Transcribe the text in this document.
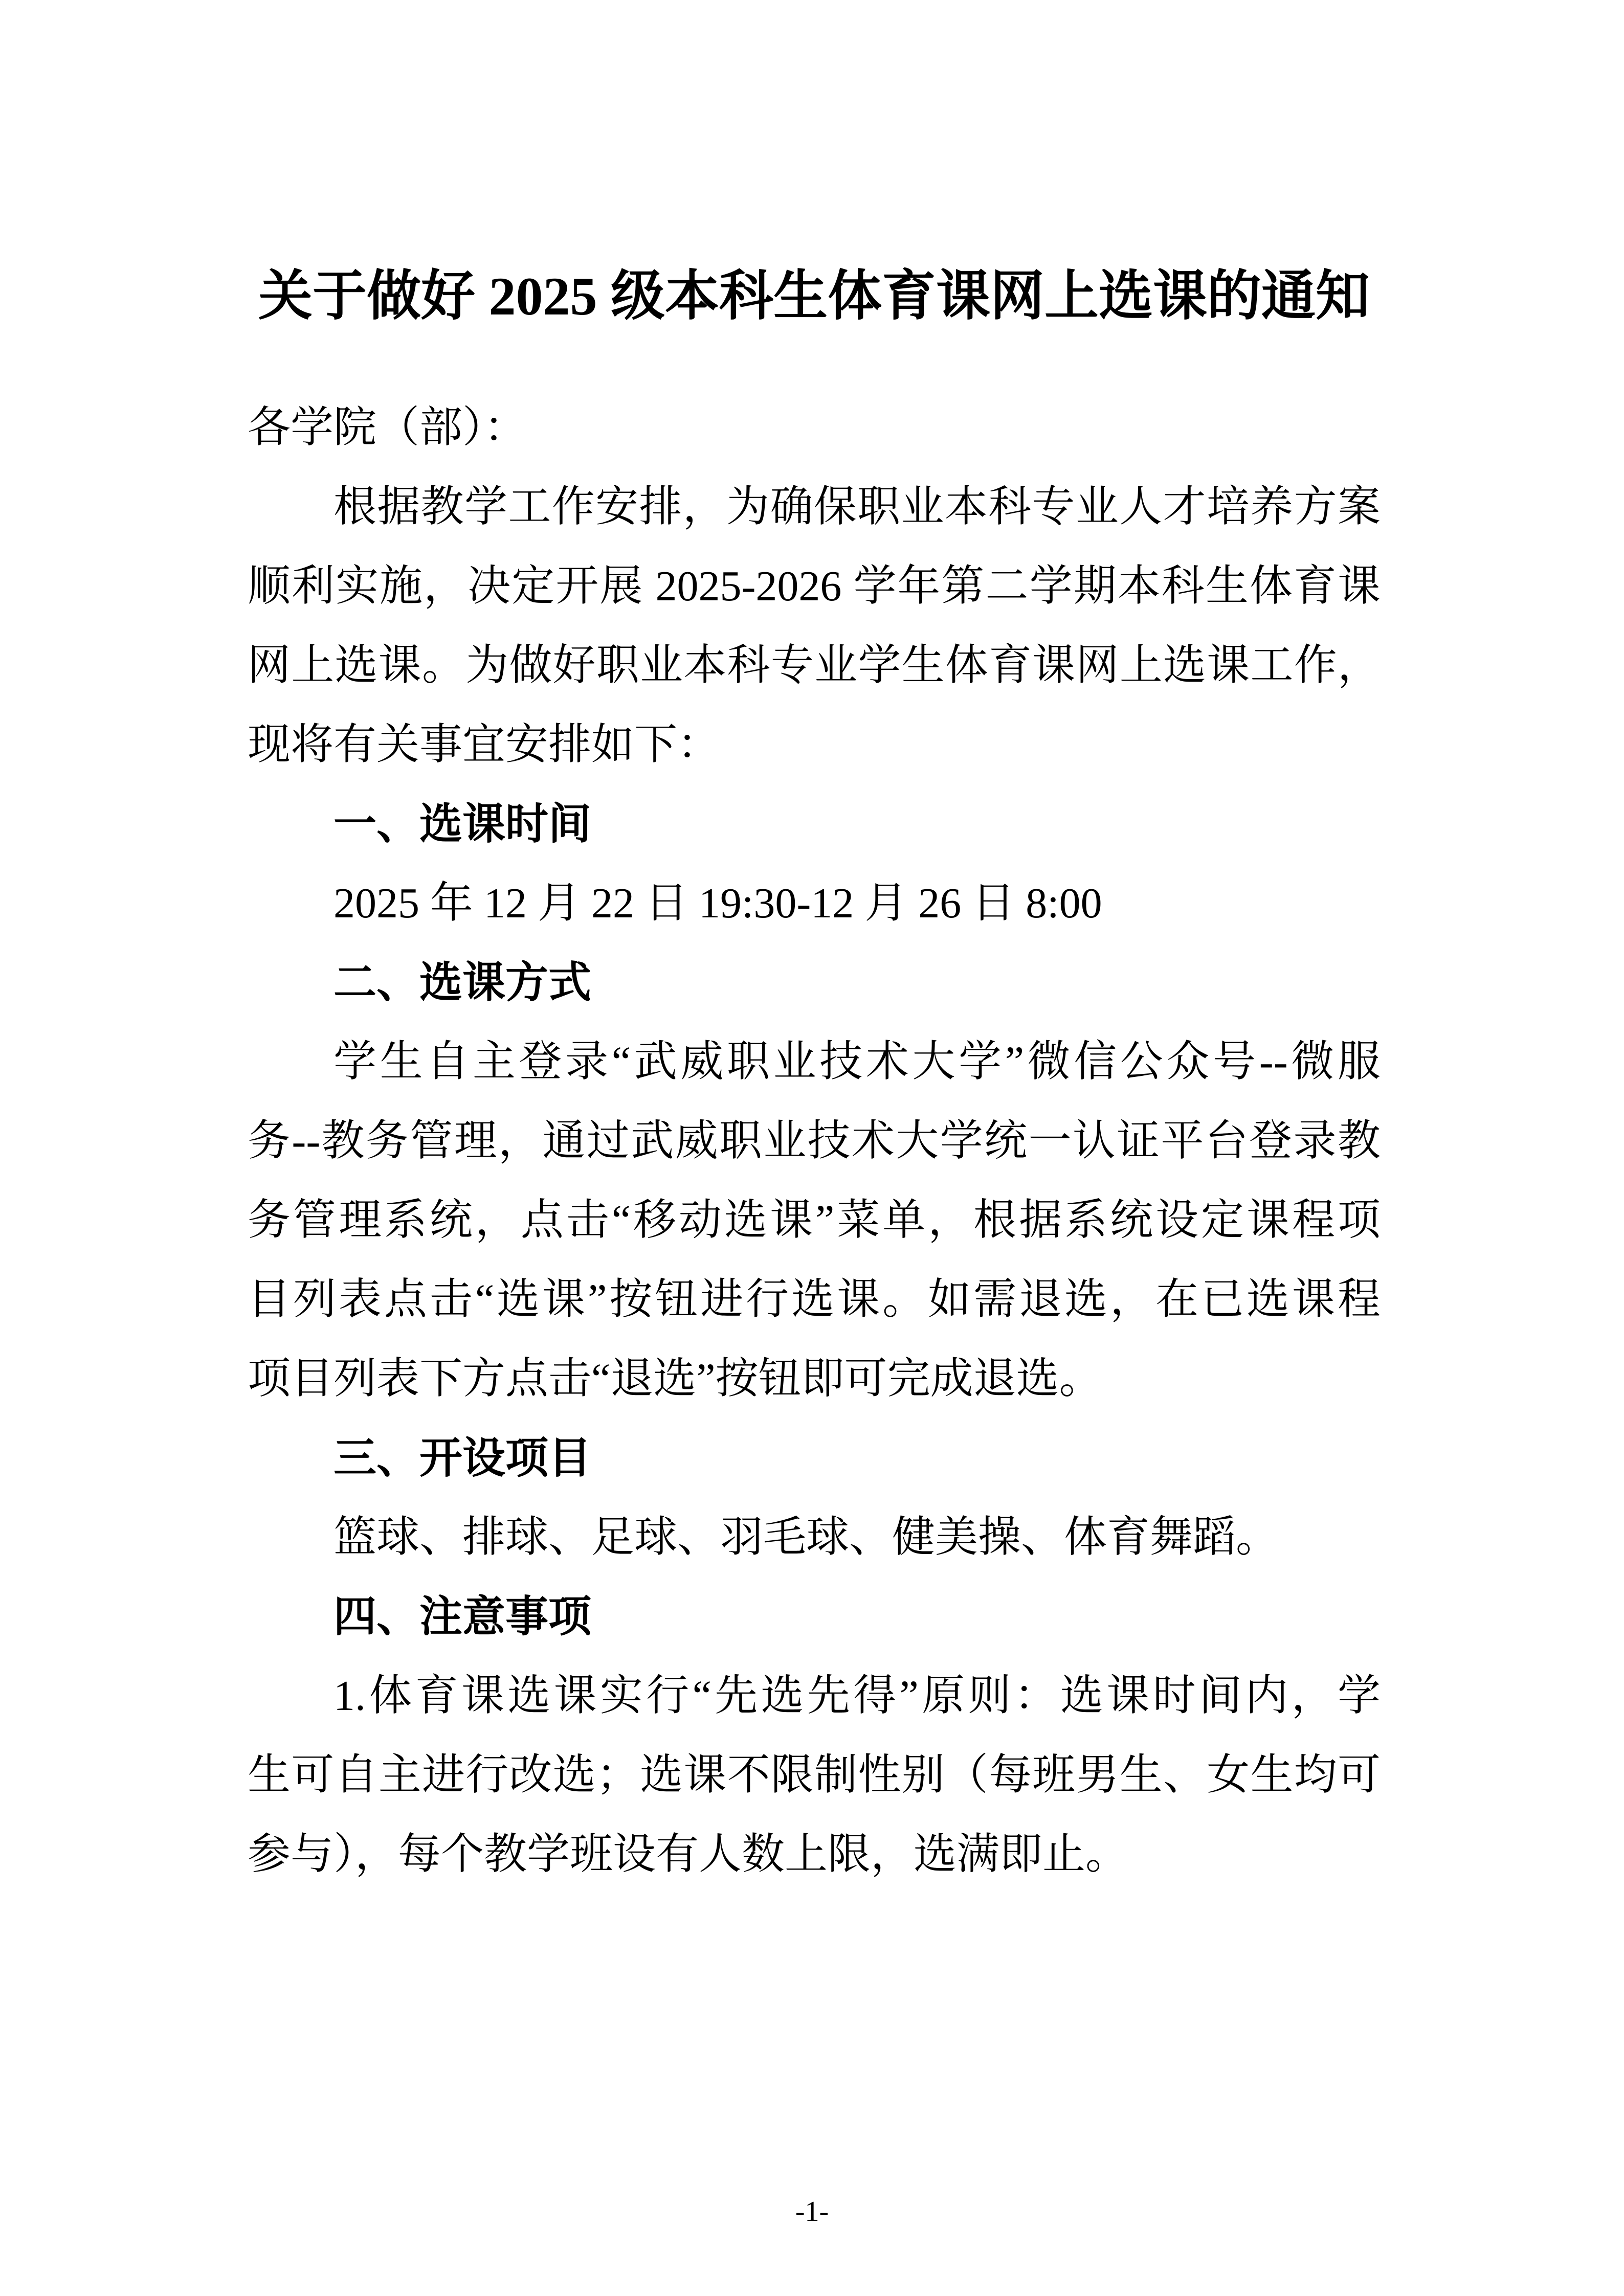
关于做好 2025 级本科生体育课网上选课的通知
各学院（部）：
根据教学工作安排，为确保职业本科专业人才培养方案
顺利实施，决定开展 2025-2026 学年第二学期本科生体育课
网上选课。为做好职业本科专业学生体育课网上选课工作，
现将有关事宜安排如下：
一、选课时间
2025 年 12 月 22 日 19:30-12 月 26 日 8:00
二、选课方式
学生自主登录“武威职业技术大学”微信公众号--微服
务--教务管理，通过武威职业技术大学统一认证平台登录教
务管理系统，点击“移动选课”菜单，根据系统设定课程项
目列表点击“选课”按钮进行选课。如需退选，在已选课程
项目列表下方点击“退选”按钮即可完成退选。
三、开设项目
篮球、排球、足球、羽毛球、健美操、体育舞蹈。
四、注意事项
1.体育课选课实行“先选先得”原则：选课时间内，学
生可自主进行改选；选课不限制性别（每班男生、女生均可
参与），每个教学班设有人数上限，选满即止。
-1-
